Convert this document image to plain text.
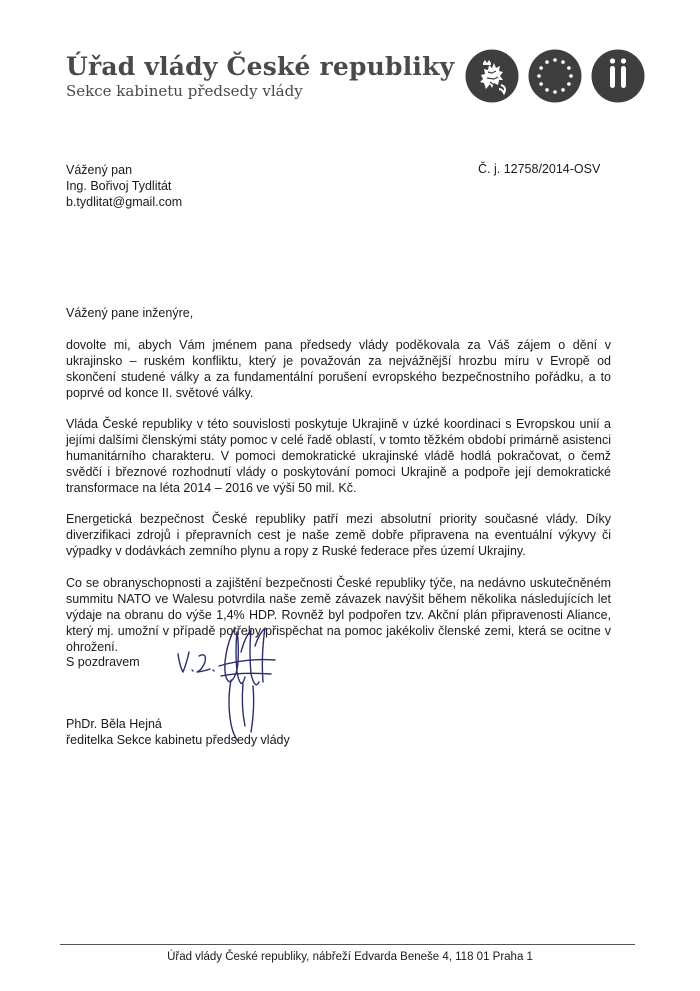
Úřad vlády České republiky
Sekce kabinetu předsedy vlády
Vážený pan
Ing. Bořivoj Tydlitát
b.tydlitat@gmail.com
Č. j. 12758/2014-OSV
Vážený pane inženýre,
dovolte mi, abych Vám jménem pana předsedy vlády poděkovala za Váš zájem o dění v ukrajinsko – ruském konfliktu, který je považován za nejvážnější hrozbu míru v Evropě od skončení studené války a za fundamentální porušení evropského bezpečnostního pořádku, a to poprvé od konce II. světové války.
Vláda České republiky v této souvislosti poskytuje Ukrajině v úzké koordinaci s Evropskou unií a jejími dalšími členskými státy pomoc v celé řadě oblastí, v tomto těžkém období primárně asistenci humanitárního charakteru. V pomoci demokratické ukrajinské vládě hodlá pokračovat, o čemž svědčí i březnové rozhodnutí vlády o poskytování pomoci Ukrajině a podpoře její demokratické transformace na léta 2014 – 2016 ve výši 50 mil. Kč.
Energetická bezpečnost České republiky patří mezi absolutní priority současné vlády. Díky diverzifikaci zdrojů i přepravních cest je naše země dobře připravena na eventuální výkyvy či výpadky v dodávkách zemního plynu a ropy z Ruské federace přes území Ukrajiny.
Co se obranyschopnosti a zajištění bezpečnosti České republiky týče, na nedávno uskutečněném summitu NATO ve Walesu potvrdila naše země závazek navýšit během několika následujících let výdaje na obranu do výše 1,4% HDP. Rovněž byl podpořen tzv. Akční plán připravenosti Aliance, který mj. umožní v případě potřeby přispěchat na pomoc jakékoliv členské zemi, která se ocitne v ohrožení.
S pozdravem
PhDr. Běla Hejná
ředitelka Sekce kabinetu předsedy vlády
Úřad vlády České republiky, nábřeží Edvarda Beneše 4, 118 01 Praha 1
